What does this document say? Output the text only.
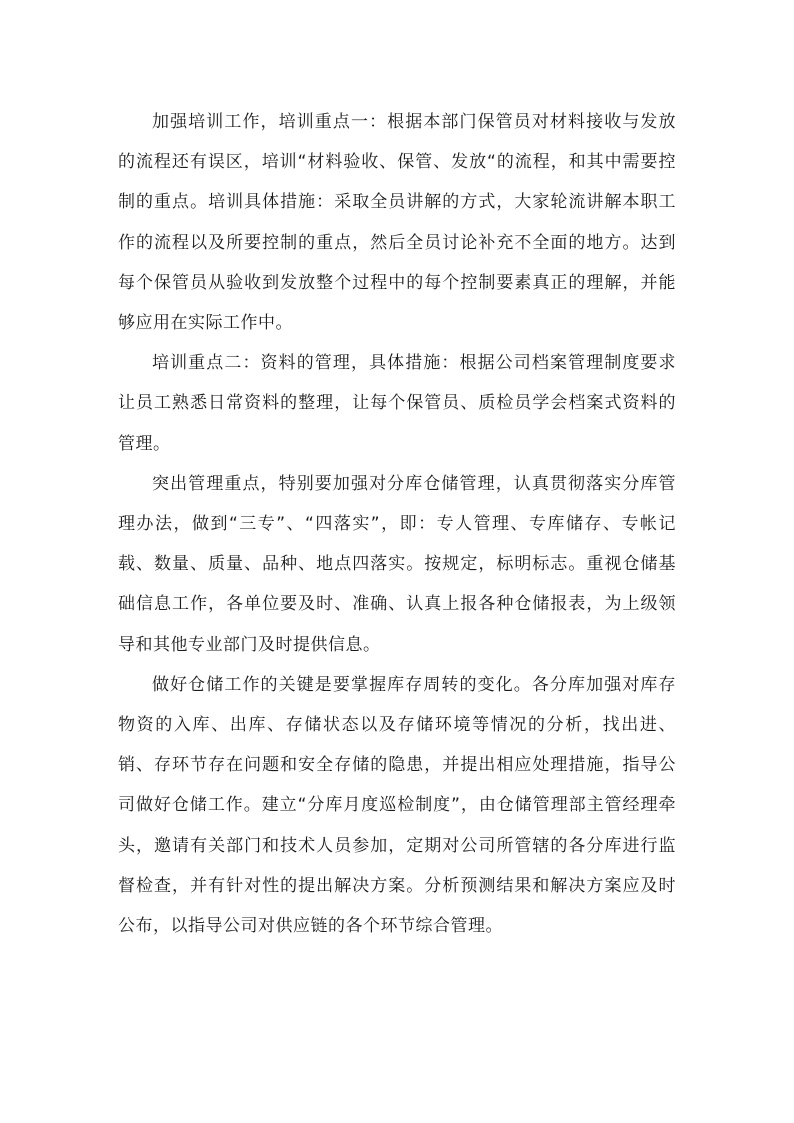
加强培训工作，培训重点一：根据本部门保管员对材料接收与发放的流程还有误区，培训“材料验收、保管、发放“的流程，和其中需要控制的重点。培训具体措施：采取全员讲解的方式，大家轮流讲解本职工作的流程以及所要控制的重点，然后全员讨论补充不全面的地方。达到每个保管员从验收到发放整个过程中的每个控制要素真正的理解，并能够应用在实际工作中。

培训重点二：资料的管理，具体措施：根据公司档案管理制度要求让员工熟悉日常资料的整理，让每个保管员、质检员学会档案式资料的管理。

突出管理重点，特别要加强对分库仓储管理，认真贯彻落实分库管理办法，做到“三专”、“四落实”，即：专人管理、专库储存、专帐记载、数量、质量、品种、地点四落实。按规定，标明标志。重视仓储基础信息工作，各单位要及时、准确、认真上报各种仓储报表，为上级领导和其他专业部门及时提供信息。

做好仓储工作的关键是要掌握库存周转的变化。各分库加强对库存物资的入库、出库、存储状态以及存储环境等情况的分析，找出进、销、存环节存在问题和安全存储的隐患，并提出相应处理措施，指导公司做好仓储工作。建立“分库月度巡检制度”，由仓储管理部主管经理牵头，邀请有关部门和技术人员参加，定期对公司所管辖的各分库进行监督检查，并有针对性的提出解决方案。分析预测结果和解决方案应及时公布，以指导公司对供应链的各个环节综合管理。
